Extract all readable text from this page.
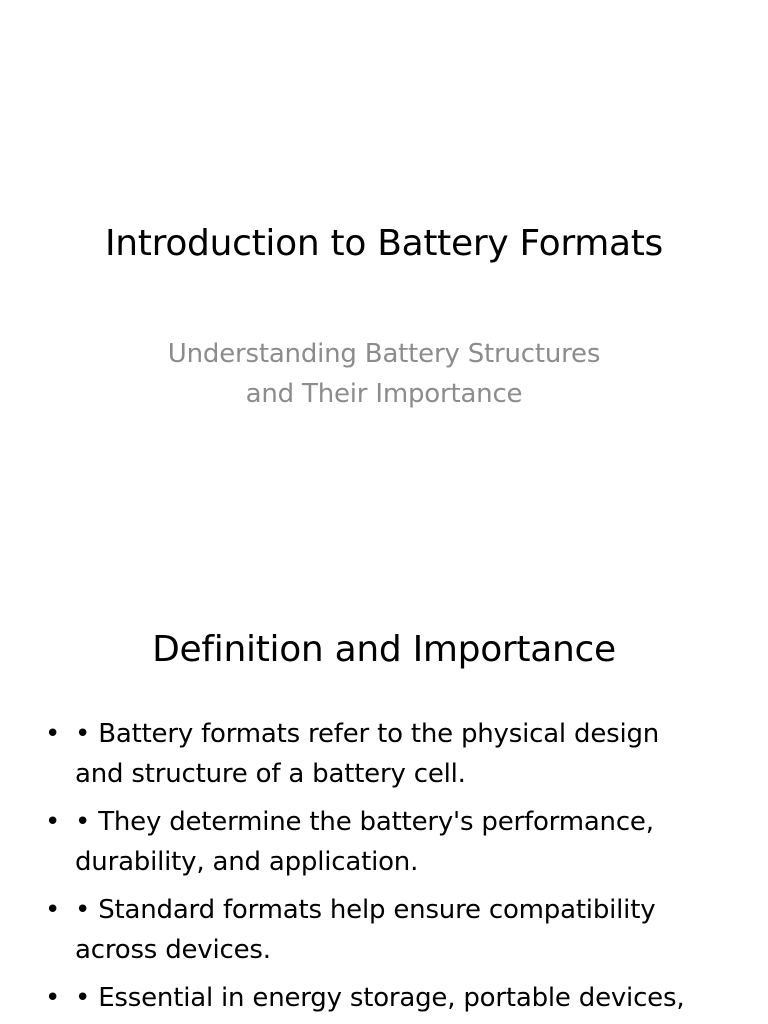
Introduction to Battery Formats
Understanding Battery Structures
and Their Importance
Definition and Importance
• • Battery formats refer to the physical design
and structure of a battery cell.
• • They determine the battery's performance,
durability, and application.
• • Standard formats help ensure compatibility
across devices.
• • Essential in energy storage, portable devices,
